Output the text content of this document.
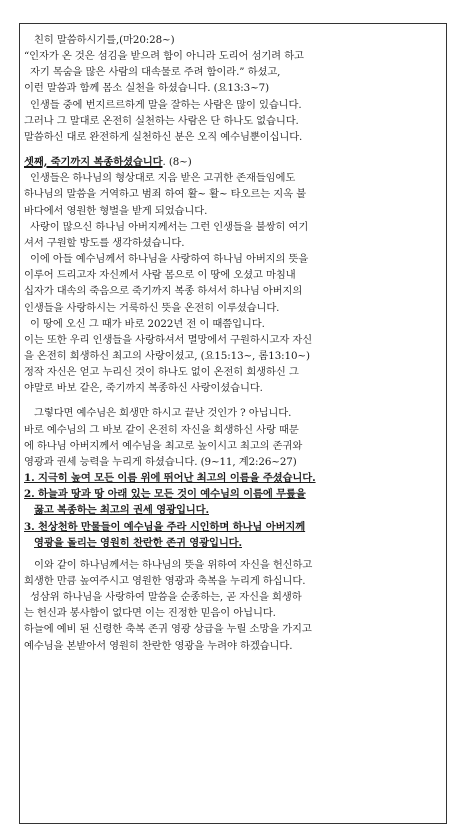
친히 말씀하시기를,(마20:28~)
“인자가 온 것은 섬김을 받으려 함이 아니라 도리어 섬기려 하고
자기 목숨을 많은 사람의 대속물로 주려 함이라.” 하셨고,
이런 말씀과 함께 몸소 실천을 하셨습니다. (요13:3~7)
인생들 중에 번지르르하게 말을 잘하는 사람은 많이 있습니다.
그러나 그 말대로 온전히 실천하는 사람은 단 하나도 없습니다.
말씀하신 대로 완전하게 실천하신 분은 오직 예수님뿐이십니다.
셋째, 죽기까지 복종하셨습니다. (8~)
인생들은 하나님의 형상대로 지음 받은 고귀한 존재들임에도
하나님의 말씀을 거역하고 범죄 하여 활~ 활~ 타오르는 지옥 불
바다에서 영원한 형벌을 받게 되었습니다.
사랑이 많으신 하나님 아버지께서는 그런 인생들을 불쌍히 여기
셔서 구원할 방도를 생각하셨습니다.
이에 아들 예수님께서 하나님을 사랑하여 하나님 아버지의 뜻을
이루어 드리고자 자신께서 사람 몸으로 이 땅에 오셨고 마침내
십자가 대속의 죽음으로 죽기까지 복종 하셔서 하나님 아버지의
인생들을 사랑하시는 거룩하신 뜻을 온전히 이루셨습니다.
이 땅에 오신 그 때가 바로 2022년 전 이 때쯤입니다.
이는 또한 우리 인생들을 사랑하셔서 멸망에서 구원하시고자 자신
을 온전히 희생하신 최고의 사랑이셨고, (요15:13~, 롬13:10~)
정작 자신은 얻고 누리신 것이 하나도 없이 온전히 희생하신 그
야말로 바보 같은, 죽기까지 복종하신 사랑이셨습니다.
그렇다면 예수님은 희생만 하시고 끝난 것인가 ? 아닙니다.
바로 예수님의 그 바보 같이 온전히 자신을 희생하신 사랑 때문
에 하나님 아버지께서 예수님을 최고로 높이시고 최고의 존귀와
영광과 권세 능력을 누리게 하셨습니다. (9~11, 계2:26~27)
1. 지극히 높여 모든 이름 위에 뛰어난 최고의 이름을 주셨습니다.
2. 하늘과 땅과 땅 아래 있는 모든 것이 예수님의 이름에 무릎을
꿇고 복종하는 최고의 권세 영광입니다.
3. 천상천하 만물들이 예수님을 주라 시인하며 하나님 아버지께
영광을 돌리는 영원히 찬란한 존귀 영광입니다.
이와 같이 하나님께서는 하나님의 뜻을 위하여 자신을 헌신하고
희생한 만큼 높여주시고 영원한 영광과 축복을 누리게 하십니다.
성삼위 하나님을 사랑하여 말씀을 순종하는, 곧 자신을 희생하
는 헌신과 봉사함이 없다면 이는 진정한 믿음이 아닙니다.
하늘에 예비 된 신령한 축복 존귀 영광 상급을 누릴 소망을 가지고
예수님을 본받아서 영원히 찬란한 영광을 누려야 하겠습니다.
